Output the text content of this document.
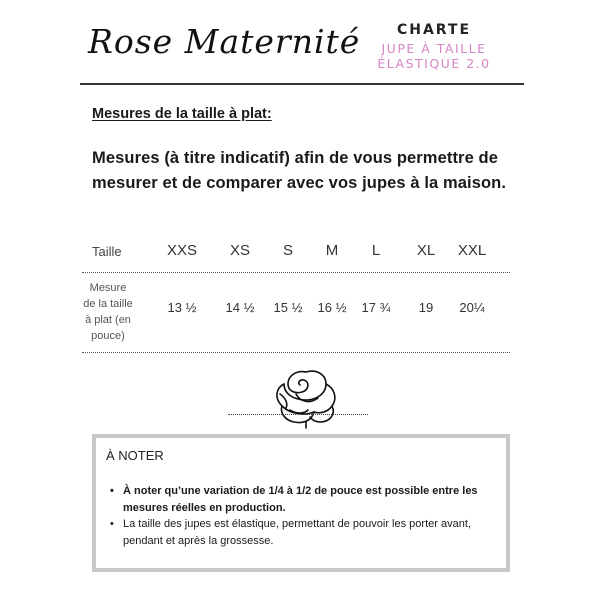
Rose Maternité	CHARTE
JUPE À TAILLE
ÉLASTIQUE 2.0
Mesures de la taille à plat:
Mesures (à titre indicatif) afin de vous permettre de mesurer et de comparer avec vos jupes à la maison.
Taille	XXS	XS	S	M	L	XL	XXL
Mesure
de la taille
à plat (en
pouce)
13 ½	14 ½	15 ½	16 ½	17 ¾	19	20¼
À NOTER
• À noter qu’une variation de 1/4 à 1/2 de pouce est possible entre les mesures réelles en production.
• La taille des jupes est élastique, permettant de pouvoir les porter avant, pendant et après la grossesse.
